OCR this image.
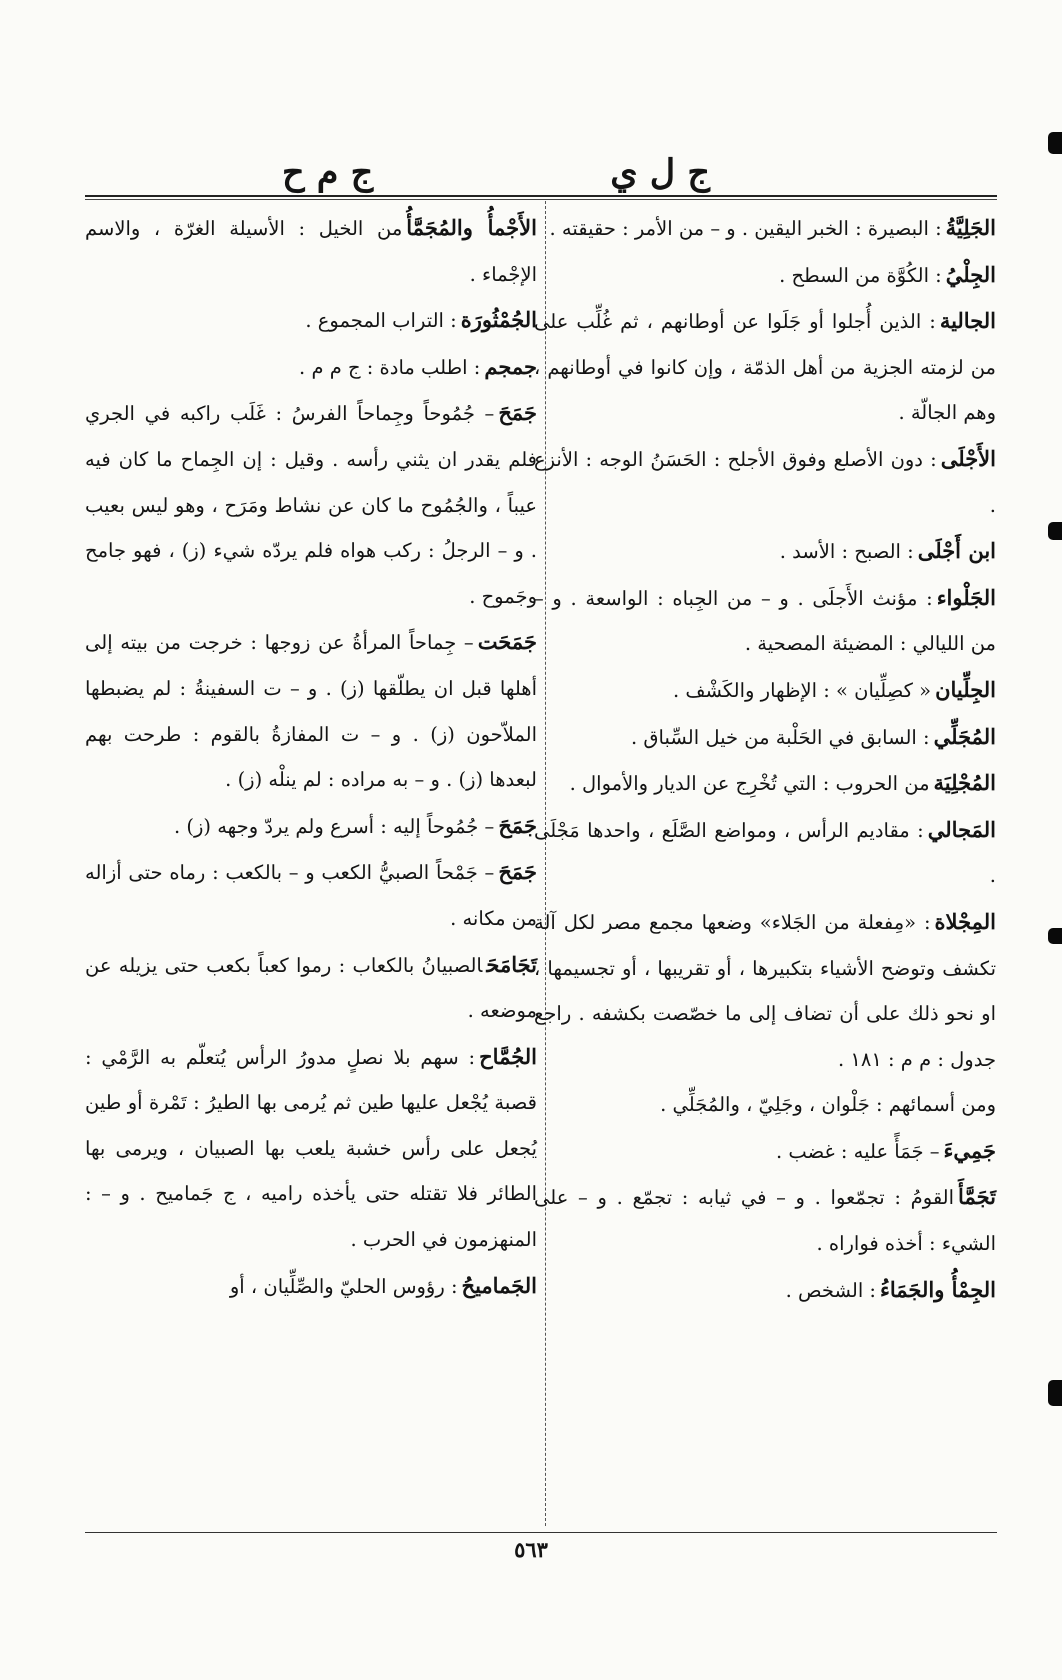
ج ل ي
ج م ح
الجَلِيَّةُ: البصيرة : الخبر اليقين . و – من الأمر : حقيقته .
الجِلْيُ: الكُوَّة من السطح .
الجالية: الذين أُجلوا أو جَلَوا عن أوطانهم ، ثم غُلِّب على من لزمته الجزية من أهل الذمّة ، وإن كانوا في أوطانهم ، وهم الجالّة .
الأَجْلَى: دون الأصلع وفوق الأجلح : الحَسَنُ الوجه : الأنزع .
ابن أَجْلَى: الصبح : الأسد .
الجَلْواء: مؤنث الأَجلَى . و – من الجِباه : الواسعة . و – من الليالي : المضيئة المصحية .
الجِلِّيان« كصِلِّيان » : الإظهار والكَشْف .
المُجَلِّي: السابق في الحَلْبة من خيل السِّباق .
المُجْلِيَةمن الحروب : التي تُخْرِج عن الديار والأموال .
المَجالي: مقاديم الرأس ، ومواضع الصَّلَع ، واحدها مَجْلَى .
المِجْلاة: «مِفعلة من الجَلاء» وضعها مجمع مصر لكل آلة تكشف وتوضح الأشياء بتكبيرها ، أو تقريبها ، أو تجسيمها ، او نحو ذلك على أن تضاف إلى ما خصّصت بكشفه . راجع جدول : م م : ١٨١ .
ومن أسمائهم : جَلْوان ، وجَلِيّ ، والمُجَلِّي .
جَمِيءَ– جَمَأً عليه : غضب .
تَجَمَّأَالقومُ : تجمّعوا . و – في ثيابه : تجمّع . و – على الشيء : أخذه فواراه .
الجِمْأُ والجَمَاءُ: الشخص .
الأَجْمأُ والمُجَمَّأُمن الخيل : الأسيلة الغرّة ، والاسم الإجْماء .
الجُمْثُورَة: التراب المجموع .
جمجم: اطلب مادة : ج م م .
جَمَحَ– جُمُوحاً وجِماحاً الفرسُ : غَلَب راكبه في الجري فلم يقدر ان يثني رأسه . وقيل : إن الجِماح ما كان فيه عيباً ، والجُمُوح ما كان عن نشاط ومَرَح ، وهو ليس بعيب . و – الرجلُ : ركب هواه فلم يردّه شيء (ز) ، فهو جامح وجَموح .
جَمَحَت– جِماحاً المرأةُ عن زوجها : خرجت من بيته إلى أهلها قبل ان يطلّقها (ز) . و – ت السفينةُ : لم يضبطها الملاّحون (ز) . و – ت المفازةُ بالقوم : طرحت بهم لبعدها (ز) . و – به مراده : لم ينلْه (ز) .
جَمَحَ– جُمُوحاً إليه : أسرع ولم يردّ وجهه (ز) .
جَمَحَ– جَمْحاً الصبيُّ الكعب و – بالكعب : رماه حتى أزاله من مكانه .
تَجَامَحَالصبيانُ بالكعاب : رموا كعباً بكعب حتى يزيله عن موضعه .
الجُمَّاح: سهم بلا نصلٍ مدورُ الرأس يُتعلّم به الرَّمْي : قصبة يُجْعل عليها طين ثم يُرمى بها الطيرُ : تَمْرة أو طين يُجعل على رأس خشبة يلعب بها الصبيان ، ويرمى بها الطائر فلا تقتله حتى يأخذه راميه ، ج جَماميح . و – : المنهزمون في الحرب .
الجَماميحُ: رؤوس الحليّ والصِّلِّيان ، أو
٥٦٣
